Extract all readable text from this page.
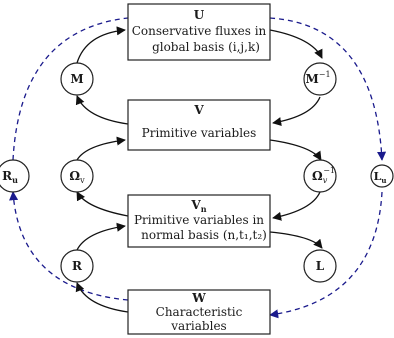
U
Conservative fluxes in
global basis (i,j,k)
V
Primitive variables
$V_n$
Primitive variables in
normal basis (n,t₁,t₂)
W
Characteristic
variables
M	$M^{-1}$
$\Omega_v$	$\Omega_v-1$
R	L
$R_u$	$L_u$
